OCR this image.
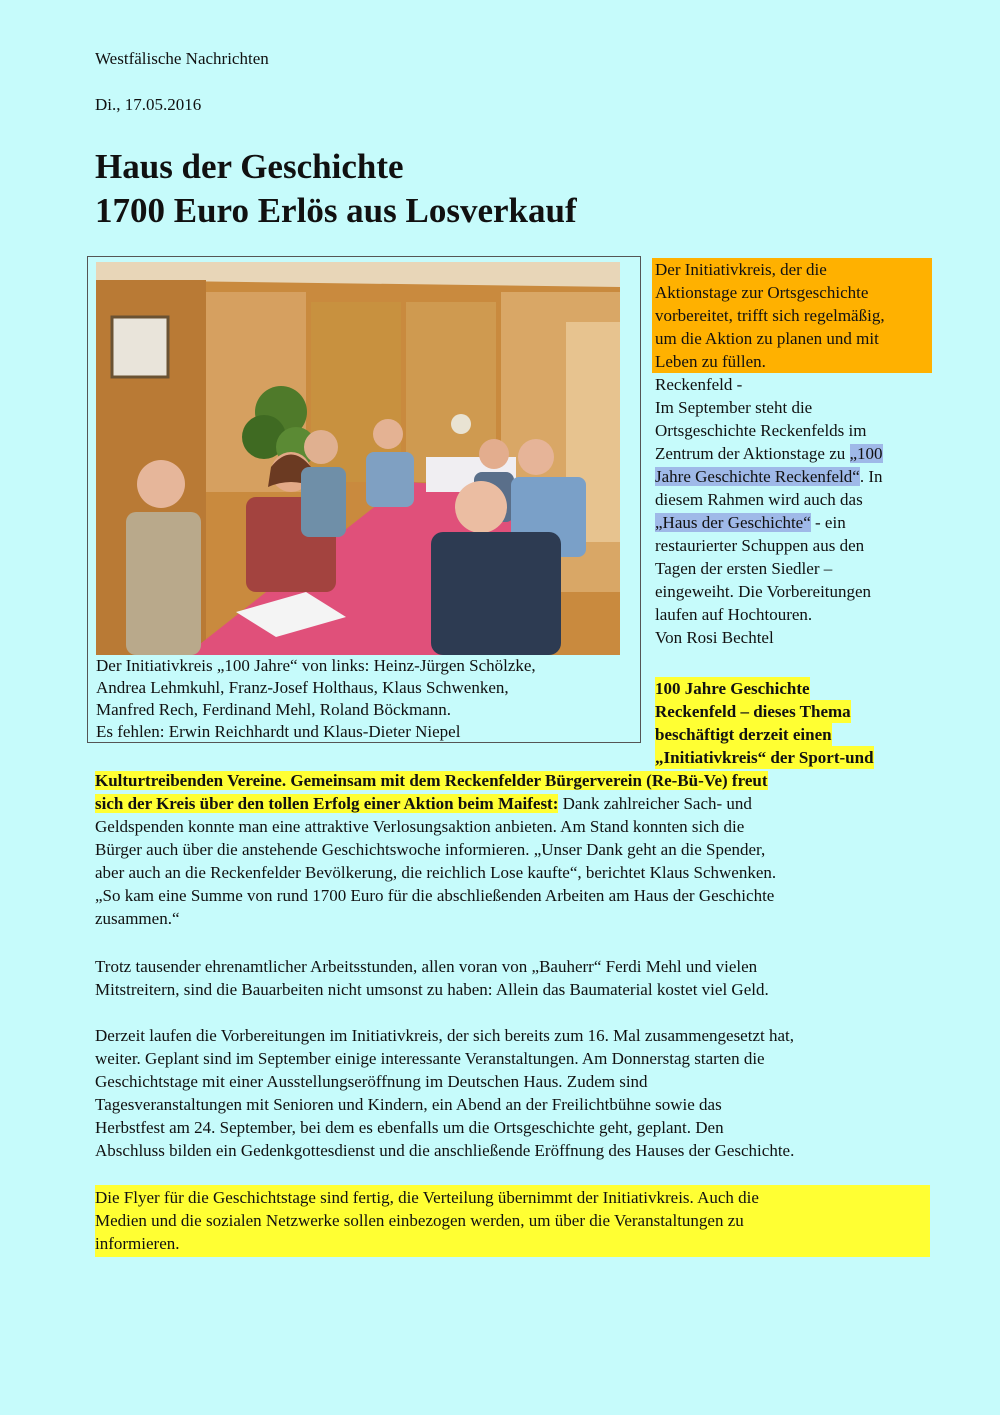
Westfälische Nachrichten
Di., 17.05.2016
Haus der Geschichte
1700 Euro Erlös aus Losverkauf
Der Initiativkreis „100 Jahre“ von links: Heinz-Jürgen Schölzke,
Andrea Lehmkuhl, Franz-Josef Holthaus, Klaus Schwenken,
Manfred Rech, Ferdinand Mehl, Roland Böckmann.
Es fehlen: Erwin Reichhardt und Klaus-Dieter Niepel
Der Initiativkreis, der die
Aktionstage zur Ortsgeschichte
vorbereitet, trifft sich regelmäßig,
um die Aktion zu planen und mit
Leben zu füllen.
Reckenfeld -
Im September steht die
Ortsgeschichte Reckenfelds im
Zentrum der Aktionstage zu „100
Jahre Geschichte Reckenfeld“. In
diesem Rahmen wird auch das
„Haus der Geschichte“ - ein
restaurierter Schuppen aus den
Tagen der ersten Siedler –
eingeweiht. Die Vorbereitungen
laufen auf Hochtouren.
Von Rosi Bechtel
100 Jahre Geschichte
Reckenfeld – dieses Thema
beschäftigt derzeit einen
„Initiativkreis“ der Sport-und
Kulturtreibenden Vereine. Gemeinsam mit dem Reckenfelder Bürgerverein (Re-Bü-Ve) freut
sich der Kreis über den tollen Erfolg einer Aktion beim Maifest: Dank zahlreicher Sach- und
Geldspenden konnte man eine attraktive Verlosungsaktion anbieten. Am Stand konnten sich die
Bürger auch über die anstehende Geschichtswoche informieren. „Unser Dank geht an die Spender,
aber auch an die Reckenfelder Bevölkerung, die reichlich Lose kaufte“, berichtet Klaus Schwenken.
„So kam eine Summe von rund 1700 Euro für die abschließenden Arbeiten am Haus der Geschichte
zusammen.“
Trotz tausender ehrenamtlicher Arbeitsstunden, allen voran von „Bauherr“ Ferdi Mehl und vielen
Mitstreitern, sind die Bauarbeiten nicht umsonst zu haben: Allein das Baumaterial kostet viel Geld.
Derzeit laufen die Vorbereitungen im Initiativkreis, der sich bereits zum 16. Mal zusammengesetzt hat,
weiter. Geplant sind im September einige interessante Veranstaltungen. Am Donnerstag starten die
Geschichtstage mit einer Ausstellungseröffnung im Deutschen Haus. Zudem sind
Tagesveranstaltungen mit Senioren und Kindern, ein Abend an der Freilichtbühne sowie das
Herbstfest am 24. September, bei dem es ebenfalls um die Ortsgeschichte geht, geplant. Den
Abschluss bilden ein Gedenkgottesdienst und die anschließende Eröffnung des Hauses der Geschichte.
Die Flyer für die Geschichtstage sind fertig, die Verteilung übernimmt der Initiativkreis. Auch die
Medien und die sozialen Netzwerke sollen einbezogen werden, um über die Veranstaltungen zu
informieren.
